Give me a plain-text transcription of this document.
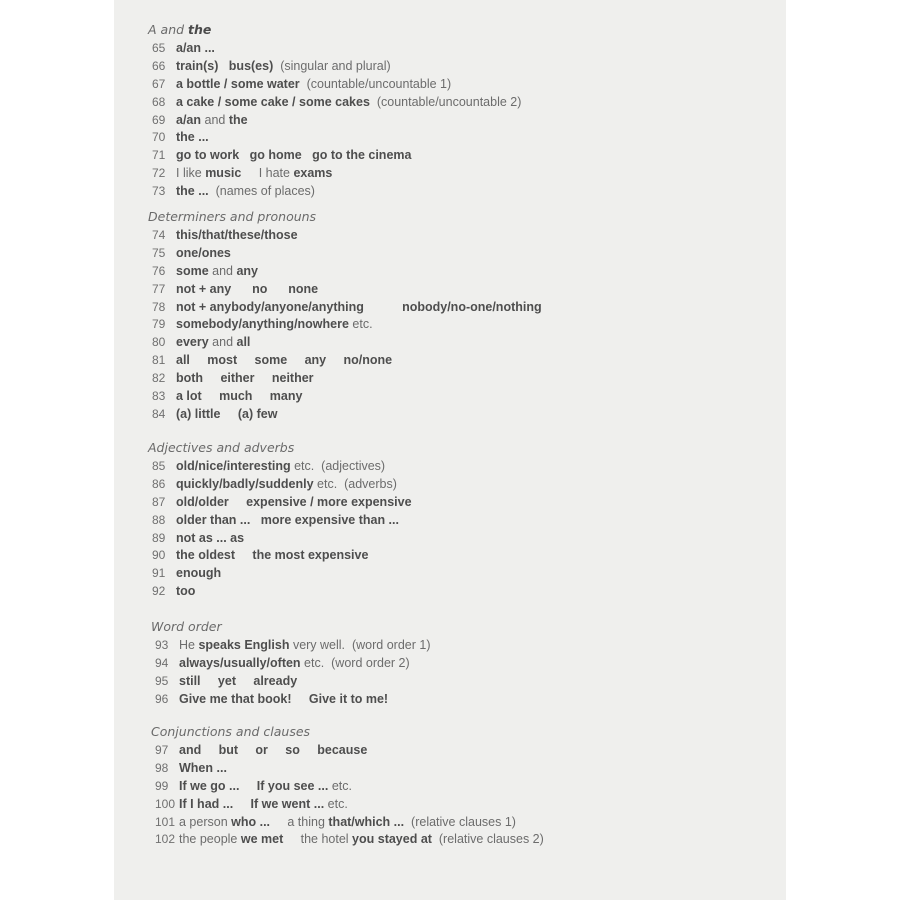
A and the
65 a/an ...
66 train(s) bus(es)  (singular and plural)
67 a bottle / some water  (countable/uncountable 1)
68 a cake / some cake / some cakes  (countable/uncountable 2)
69 a/an and the
70 the ...
71 go to work go home go to the cinema
72 I like music     I hate exams
73 the ...  (names of places)
Determiners and pronouns
74 this/that/these/those
75 one/ones
76 some and any
77 not + any no none
78 not + anybody/anyone/anything	nobody/no-one/nothing
79 somebody/anything/nowhere etc.
80 every and all
81 all most some any no/none
82 both either neither
83 a lot much many
84 (a) little (a) few
Adjectives and adverbs
85 old/nice/interesting etc.  (adjectives)
86 quickly/badly/suddenly etc.  (adverbs)
87 old/older expensive / more expensive
88 older than ... more expensive than ...
89 not as ... as
90 the oldest the most expensive
91 enough
92 too
Word order
93 He speaks English very well.  (word order 1)
94 always/usually/often etc.  (word order 2)
95 still yet already
96 Give me that book! Give it to me!
Conjunctions and clauses
97 and but or so because
98 When ...
99 If we go ... If you see ... etc.
100 If I had ... If we went ... etc.
101 a person who ...     a thing that/which ...  (relative clauses 1)
102 the people we met     the hotel you stayed at  (relative clauses 2)
